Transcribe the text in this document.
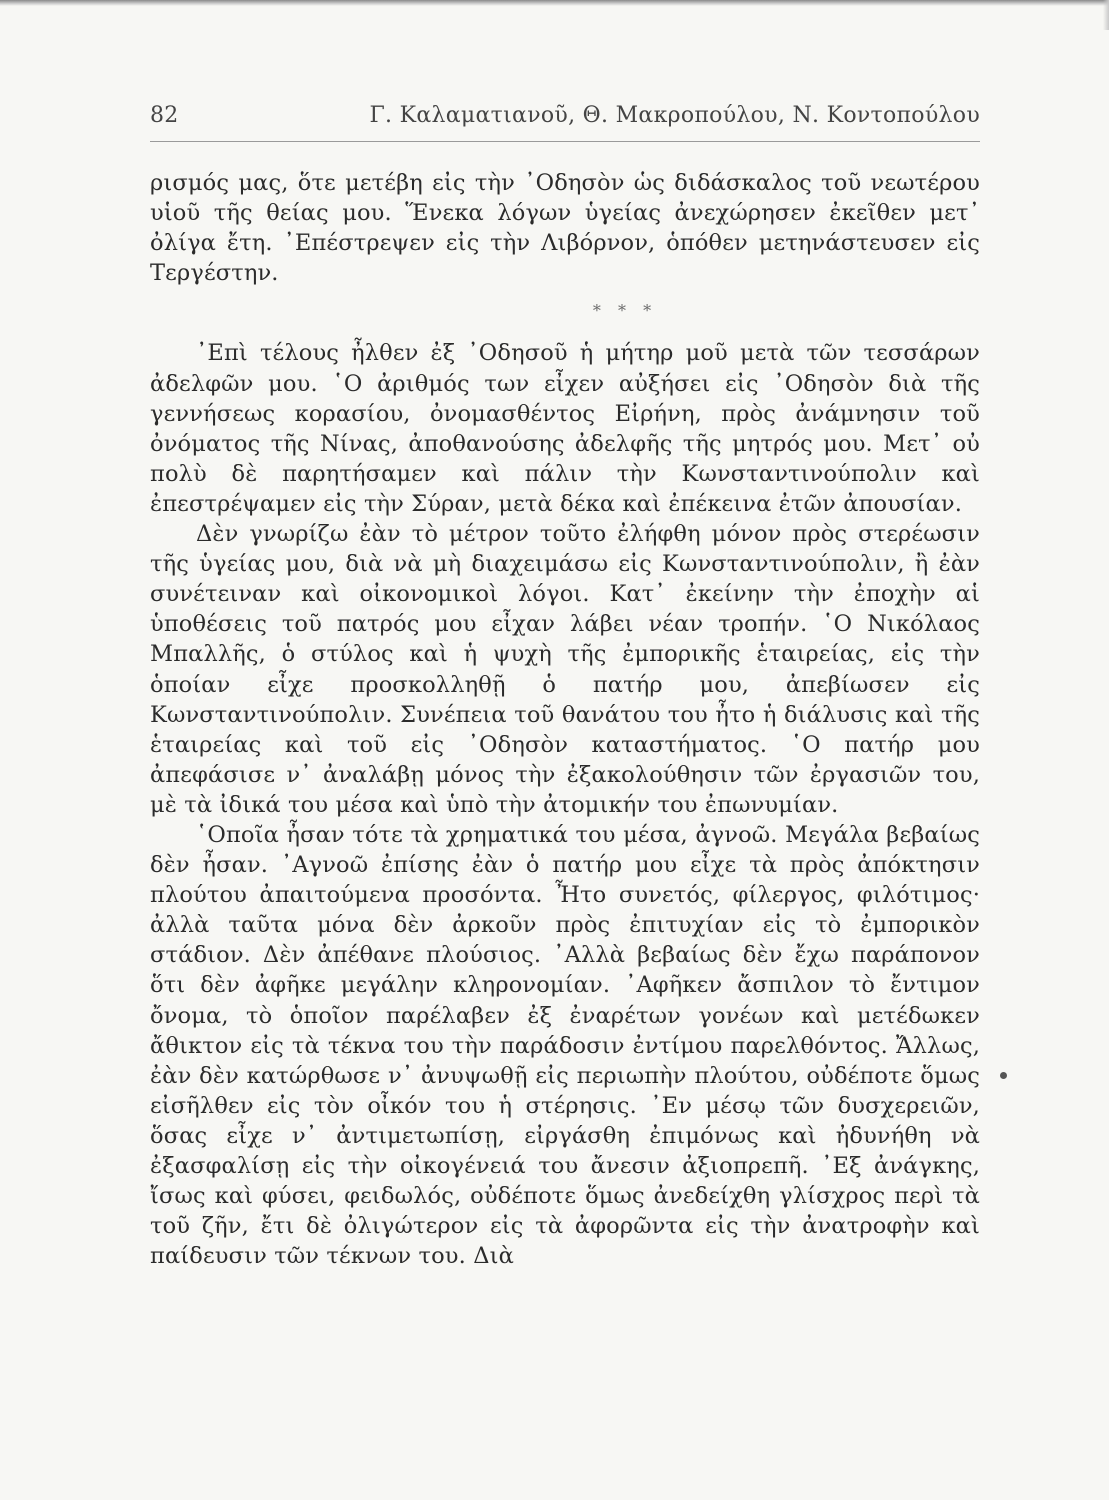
82	Γ. Καλαματιανοῦ, Θ. Μακροπούλου, Ν. Κοντοπούλου

ρισμός μας, ὅτε μετέβη εἰς τὴν ᾽Οδησὸν ὡς διδάσκαλος τοῦ νεωτέρου υἱοῦ τῆς θείας μου. Ἕνεκα λόγων ὑγείας ἀνεχώρησεν ἐκεῖθεν μετ᾽ ὀλίγα ἔτη. ᾽Επέστρεψεν εἰς τὴν Λιβόρνον, ὁπόθεν μετηνάστευσεν εἰς Τεργέστην.

* * *

᾽Επὶ τέλους ἦλθεν ἐξ ᾽Οδησοῦ ἡ μήτηρ μοῦ μετὰ τῶν τεσσάρων ἀδελφῶν μου. ῾Ο ἀριθμός των εἶχεν αὐξήσει εἰς ᾽Οδησὸν διὰ τῆς γεννήσεως κορασίου, ὀνομασθέντος Εἰρήνη, πρὸς ἀνάμνησιν τοῦ ὀνόματος τῆς Νίνας, ἀποθανούσης ἀδελφῆς τῆς μητρός μου. Μετ᾽ οὐ πολὺ δὲ παρητήσαμεν καὶ πάλιν τὴν Κωνσταντινούπολιν καὶ ἐπεστρέψαμεν εἰς τὴν Σύραν, μετὰ δέκα καὶ ἐπέκεινα ἐτῶν ἀπουσίαν.

Δὲν γνωρίζω ἐὰν τὸ μέτρον τοῦτο ἐλήφθη μόνον πρὸς στερέωσιν τῆς ὑγείας μου, διὰ νὰ μὴ διαχειμάσω εἰς Κωνσταντινούπολιν, ἢ ἐὰν συνέτειναν καὶ οἰκονομικοὶ λόγοι. Κατ᾽ ἐκείνην τὴν ἐποχὴν αἱ ὑποθέσεις τοῦ πατρός μου εἶχαν λάβει νέαν τροπήν. ῾Ο Νικόλαος Μπαλλῆς, ὁ στύλος καὶ ἡ ψυχὴ τῆς ἐμπορικῆς ἑταιρείας, εἰς τὴν ὁποίαν εἶχε προσκολληθῇ ὁ πατήρ μου, ἀπεβίωσεν εἰς Κωνσταντινούπολιν. Συνέπεια τοῦ θανάτου του ἦτο ἡ διάλυσις καὶ τῆς ἑταιρείας καὶ τοῦ εἰς ᾽Οδησὸν καταστήματος. ῾Ο πατήρ μου ἀπεφάσισε ν᾽ ἀναλάβῃ μόνος τὴν ἐξακολούθησιν τῶν ἐργασιῶν του, μὲ τὰ ἰδικά του μέσα καὶ ὑπὸ τὴν ἀτομικήν του ἐπωνυμίαν.

῾Οποῖα ἦσαν τότε τὰ χρηματικά του μέσα, ἀγνοῶ. Μεγάλα βεβαίως δὲν ἦσαν. ᾽Αγνοῶ ἐπίσης ἐὰν ὁ πατήρ μου εἶχε τὰ πρὸς ἀπόκτησιν πλούτου ἀπαιτούμενα προσόντα. Ἦτο συνετός, φίλεργος, φιλότιμος· ἀλλὰ ταῦτα μόνα δὲν ἀρκοῦν πρὸς ἐπιτυχίαν εἰς τὸ ἐμπορικὸν στάδιον. Δὲν ἀπέθανε πλούσιος. ᾽Αλλὰ βεβαίως δὲν ἔχω παράπονον ὅτι δὲν ἀφῆκε μεγάλην κληρονομίαν. ᾽Αφῆκεν ἄσπιλον τὸ ἔντιμον ὄνομα, τὸ ὁποῖον παρέλαβεν ἐξ ἐναρέτων γονέων καὶ μετέδωκεν ἄθικτον εἰς τὰ τέκνα του τὴν παράδοσιν ἐντίμου παρελθόντος. Ἄλλως, ἐὰν δὲν κατώρθωσε ν᾽ ἀνυψωθῇ εἰς περιωπὴν πλούτου, οὐδέποτε ὅμως εἰσῆλθεν εἰς τὸν οἶκόν του ἡ στέρησις. ᾽Εν μέσῳ τῶν δυσχερειῶν, ὅσας εἶχε ν᾽ ἀντιμετωπίσῃ, εἰργάσθη ἐπιμόνως καὶ ἠδυνήθη νὰ ἐξασφαλίσῃ εἰς τὴν οἰκογένειά του ἄνεσιν ἀξιοπρεπῆ. ᾽Εξ ἀνάγκης, ἴσως καὶ φύσει, φειδωλός, οὐδέποτε ὅμως ἀνεδείχθη γλίσχρος περὶ τὰ τοῦ ζῆν, ἔτι δὲ ὀλιγώτερον εἰς τὰ ἀφορῶντα εἰς τὴν ἀνατροφὴν καὶ παίδευσιν τῶν τέκνων του. Διὰ
